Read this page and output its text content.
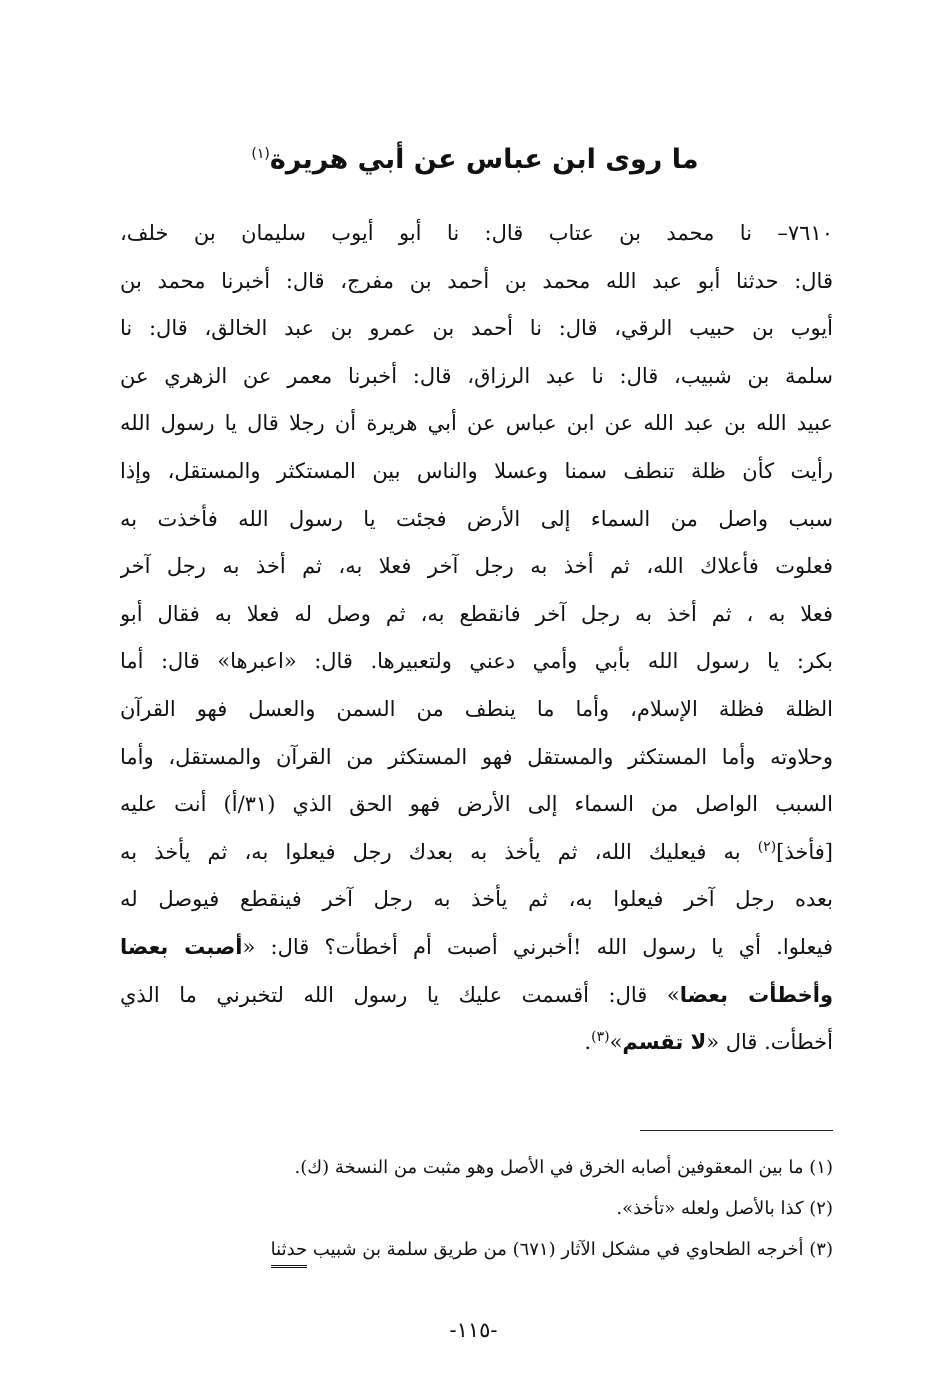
ما روى ابن عباس عن أبي هريرة$^{(١)}$
٧٦١٠– نا محمد بن عتاب قال: نا أبو أيوب سليمان بن خلف،
قال: حدثنا أبو عبد الله محمد بن أحمد بن مفرج، قال: أخبرنا محمد بن
أيوب بن حبيب الرقي، قال: نا أحمد بن عمرو بن عبد الخالق، قال: نا
سلمة بن شبيب، قال: نا عبد الرزاق، قال: أخبرنا معمر عن الزهري عن
عبيد الله بن عبد الله عن ابن عباس عن أبي هريرة أن رجلا قال يا رسول الله
رأيت كأن ظلة تنطف سمنا وعسلا والناس بين المستكثر والمستقل، وإذا
سبب واصل من السماء إلى الأرض فجئت يا رسول الله فأخذت به
فعلوت فأعلاك الله، ثم أخذ به رجل آخر فعلا به، ثم أخذ به رجل آخر
فعلا به ، ثم أخذ به رجل آخر فانقطع به، ثم وصل له فعلا به فقال أبو
بكر: يا رسول الله بأبي وأمي دعني ولتعبيرها. قال: «اعبرها» قال: أما
الظلة فظلة الإسلام، وأما ما ينطف من السمن والعسل فهو القرآن
وحلاوته وأما المستكثر والمستقل فهو المستكثر من القرآن والمستقل، وأما
السبب الواصل من السماء إلى الأرض فهو الحق الذي (٣١/أ) أنت عليه
[فأخذ]$^{(٢)}$ به فيعليك الله، ثم يأخذ به بعدك رجل فيعلوا به، ثم يأخذ به
بعده رجل آخر فيعلوا به، ثم يأخذ به رجل آخر فينقطع فيوصل له
فيعلوا. أي يا رسول الله !أخبرني أصبت أم أخطأت؟ قال: «أصبت بعضا
وأخطأت بعضا» قال: أقسمت عليك يا رسول الله لتخبرني ما الذي
أخطأت. قال «لا تقسم»$^{(٣)}$.
(١) ما بين المعقوفين أصابه الخرق في الأصل وهو مثبت من النسخة (ك).
(٢) كذا بالأصل ولعله «تأخذ».
(٣) أخرجه الطحاوي في مشكل الآثار (٦٧١) من طريق سلمة بن شبيب حدثنا
-١١٥-
